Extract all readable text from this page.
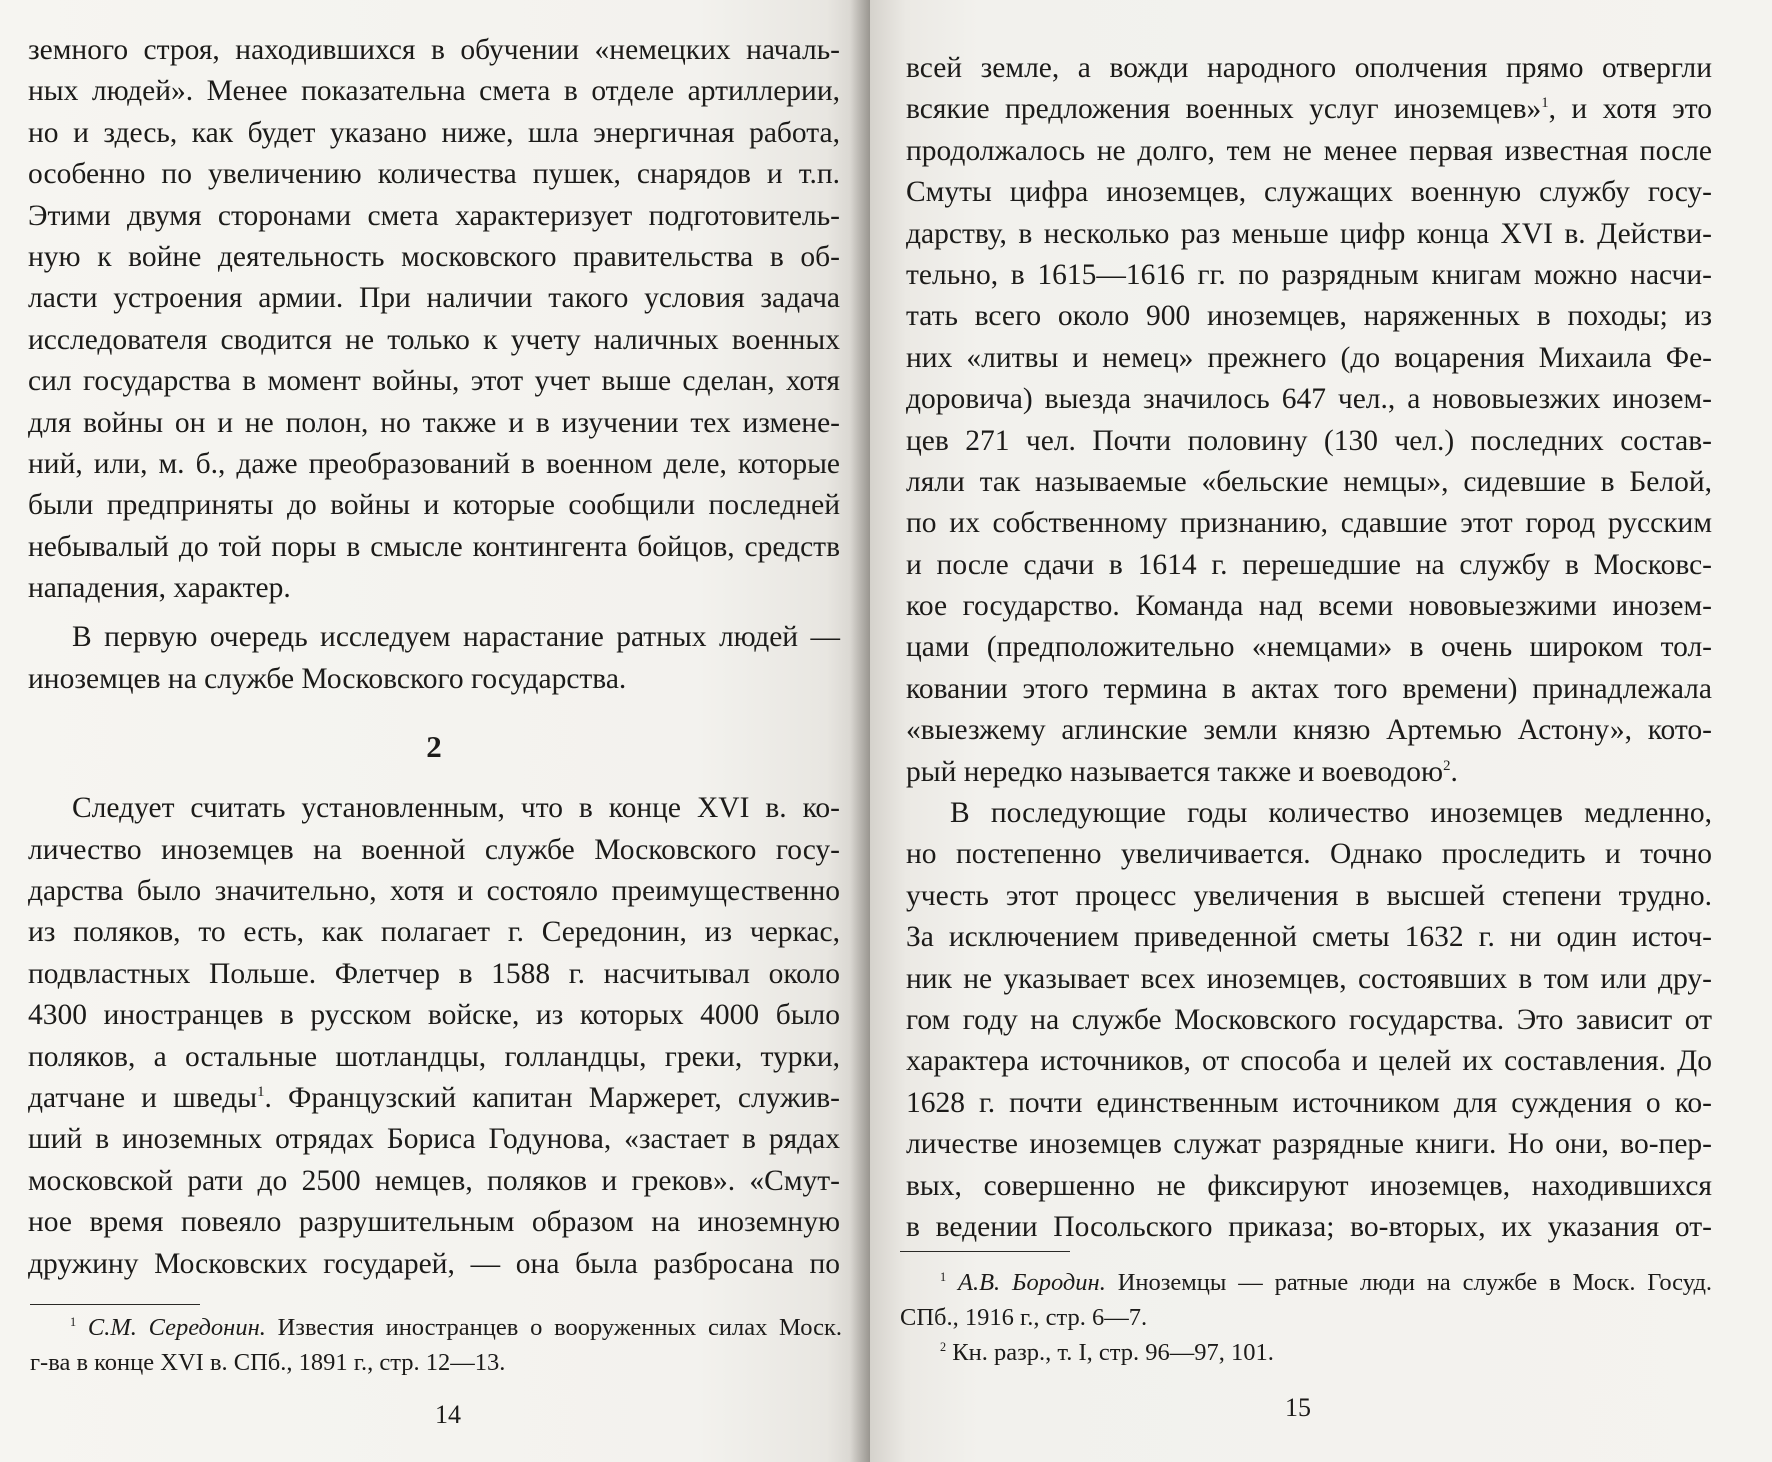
земного строя, находившихся в обучении «немецких началь-
ных людей». Менее показательна смета в отделе артиллерии,
но и здесь, как будет указано ниже, шла энергичная работа,
особенно по увеличению количества пушек, снарядов и т.п.
Этими двумя сторонами смета характеризует подготовитель-
ную к войне деятельность московского правительства в об-
ласти устроения армии. При наличии такого условия задача
исследователя сводится не только к учету наличных военных
сил государства в момент войны, этот учет выше сделан, хотя
для войны он и не полон, но также и в изучении тех измене-
ний, или, м. б., даже преобразований в военном деле, которые
были предприняты до войны и которые сообщили последней
небывалый до той поры в смысле контингента бойцов, средств
нападения, характер.
В первую очередь исследуем нарастание ратных людей —
иноземцев на службе Московского государства.
2
Следует считать установленным, что в конце XVI в. ко-
личество иноземцев на военной службе Московского госу-
дарства было значительно, хотя и состояло преимущественно
из поляков, то есть, как полагает г. Середонин, из черкас,
подвластных Польше. Флетчер в 1588 г. насчитывал около
4300 иностранцев в русском войске, из которых 4000 было
поляков, а остальные шотландцы, голландцы, греки, турки,
датчане и шведы$^1$. Французский капитан Маржерет, служив-
ший в иноземных отрядах Бориса Годунова, «застает в рядах
московской рати до 2500 немцев, поляков и греков». «Смут-
ное время повеяло разрушительным образом на иноземную
дружину Московских государей, — она была разбросана по
$^1$ С.М. Середонин. Известия иностранцев о вооруженных силах Моск.
г-ва в конце XVI в. СПб., 1891 г., стр. 12—13.
14
всей земле, а вожди народного ополчения прямо отвергли
всякие предложения военных услуг иноземцев»$^1$, и хотя это
продолжалось не долго, тем не менее первая известная после
Смуты цифра иноземцев, служащих военную службу госу-
дарству, в несколько раз меньше цифр конца XVI в. Действи-
тельно, в 1615—1616 гг. по разрядным книгам можно насчи-
тать всего около 900 иноземцев, наряженных в походы; из
них «литвы и немец» прежнего (до воцарения Михаила Фе-
доровича) выезда значилось 647 чел., а нововыезжих инозем-
цев 271 чел. Почти половину (130 чел.) последних состав-
ляли так называемые «бельские немцы», сидевшие в Белой,
по их собственному признанию, сдавшие этот город русским
и после сдачи в 1614 г. перешедшие на службу в Московс-
кое государство. Команда над всеми нововыезжими инозем-
цами (предположительно «немцами» в очень широком тол-
ковании этого термина в актах того времени) принадлежала
«выезжему аглинские земли князю Артемью Астону», кото-
рый нередко называется также и воеводою$^2$.
В последующие годы количество иноземцев медленно,
но постепенно увеличивается. Однако проследить и точно
учесть этот процесс увеличения в высшей степени трудно.
За исключением приведенной сметы 1632 г. ни один источ-
ник не указывает всех иноземцев, состоявших в том или дру-
гом году на службе Московского государства. Это зависит от
характера источников, от способа и целей их составления. До
1628 г. почти единственным источником для суждения о ко-
личестве иноземцев служат разрядные книги. Но они, во-пер-
вых, совершенно не фиксируют иноземцев, находившихся
в ведении Посольского приказа; во-вторых, их указания от-
$^1$ А.В. Бородин. Иноземцы — ратные люди на службе в Моск. Госуд.
СПб., 1916 г., стр. 6—7.
$^2$ Кн. разр., т. I, стр. 96—97, 101.
15
